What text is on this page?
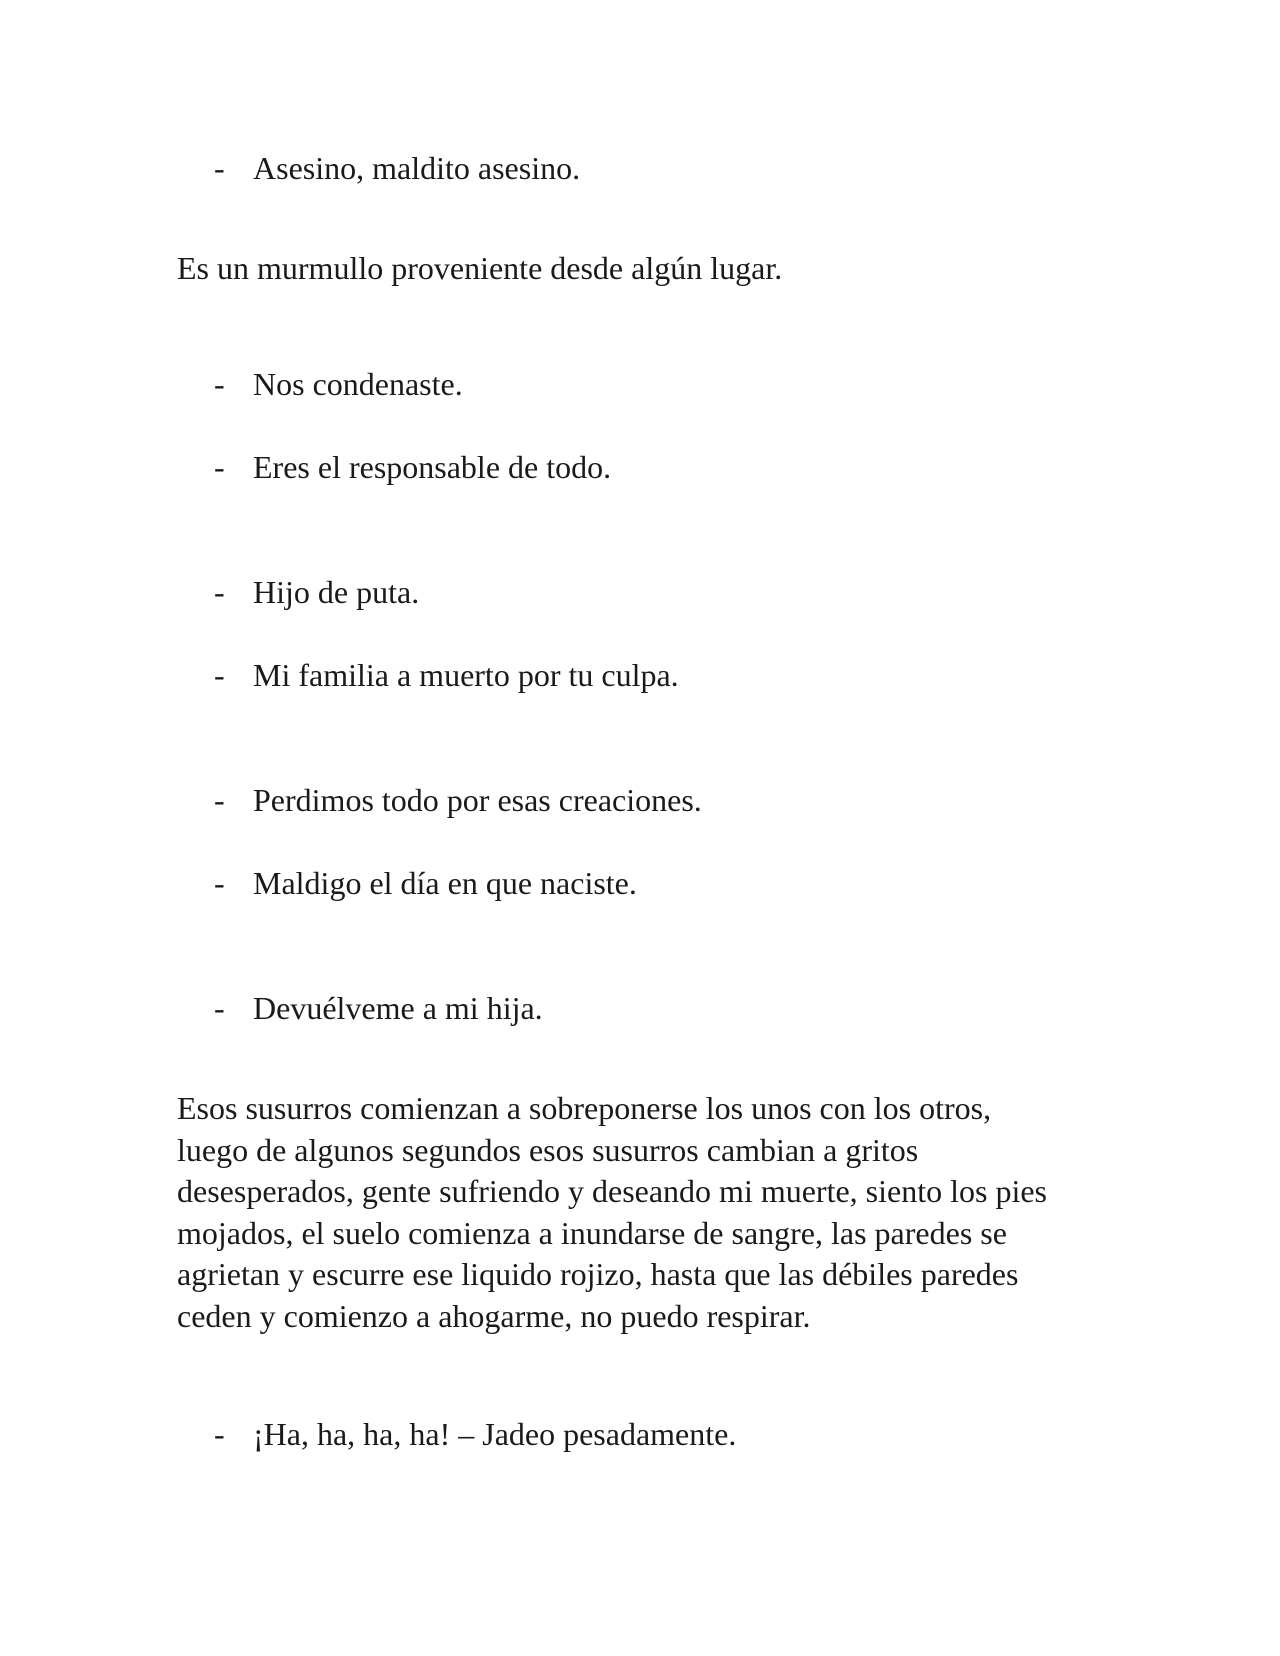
- Asesino, maldito asesino.
Es un murmullo proveniente desde algún lugar.
- Nos condenaste.
- Eres el responsable de todo.
- Hijo de puta.
- Mi familia a muerto por tu culpa.
- Perdimos todo por esas creaciones.
- Maldigo el día en que naciste.
- Devuélveme a mi hija.
Esos susurros comienzan a sobreponerse los unos con los otros,
luego de algunos segundos esos susurros cambian a gritos
desesperados, gente sufriendo y deseando mi muerte, siento los pies
mojados, el suelo comienza a inundarse de sangre, las paredes se
agrietan y escurre ese liquido rojizo, hasta que las débiles paredes
ceden y comienzo a ahogarme, no puedo respirar.
- ¡Ha, ha, ha, ha! – Jadeo pesadamente.
